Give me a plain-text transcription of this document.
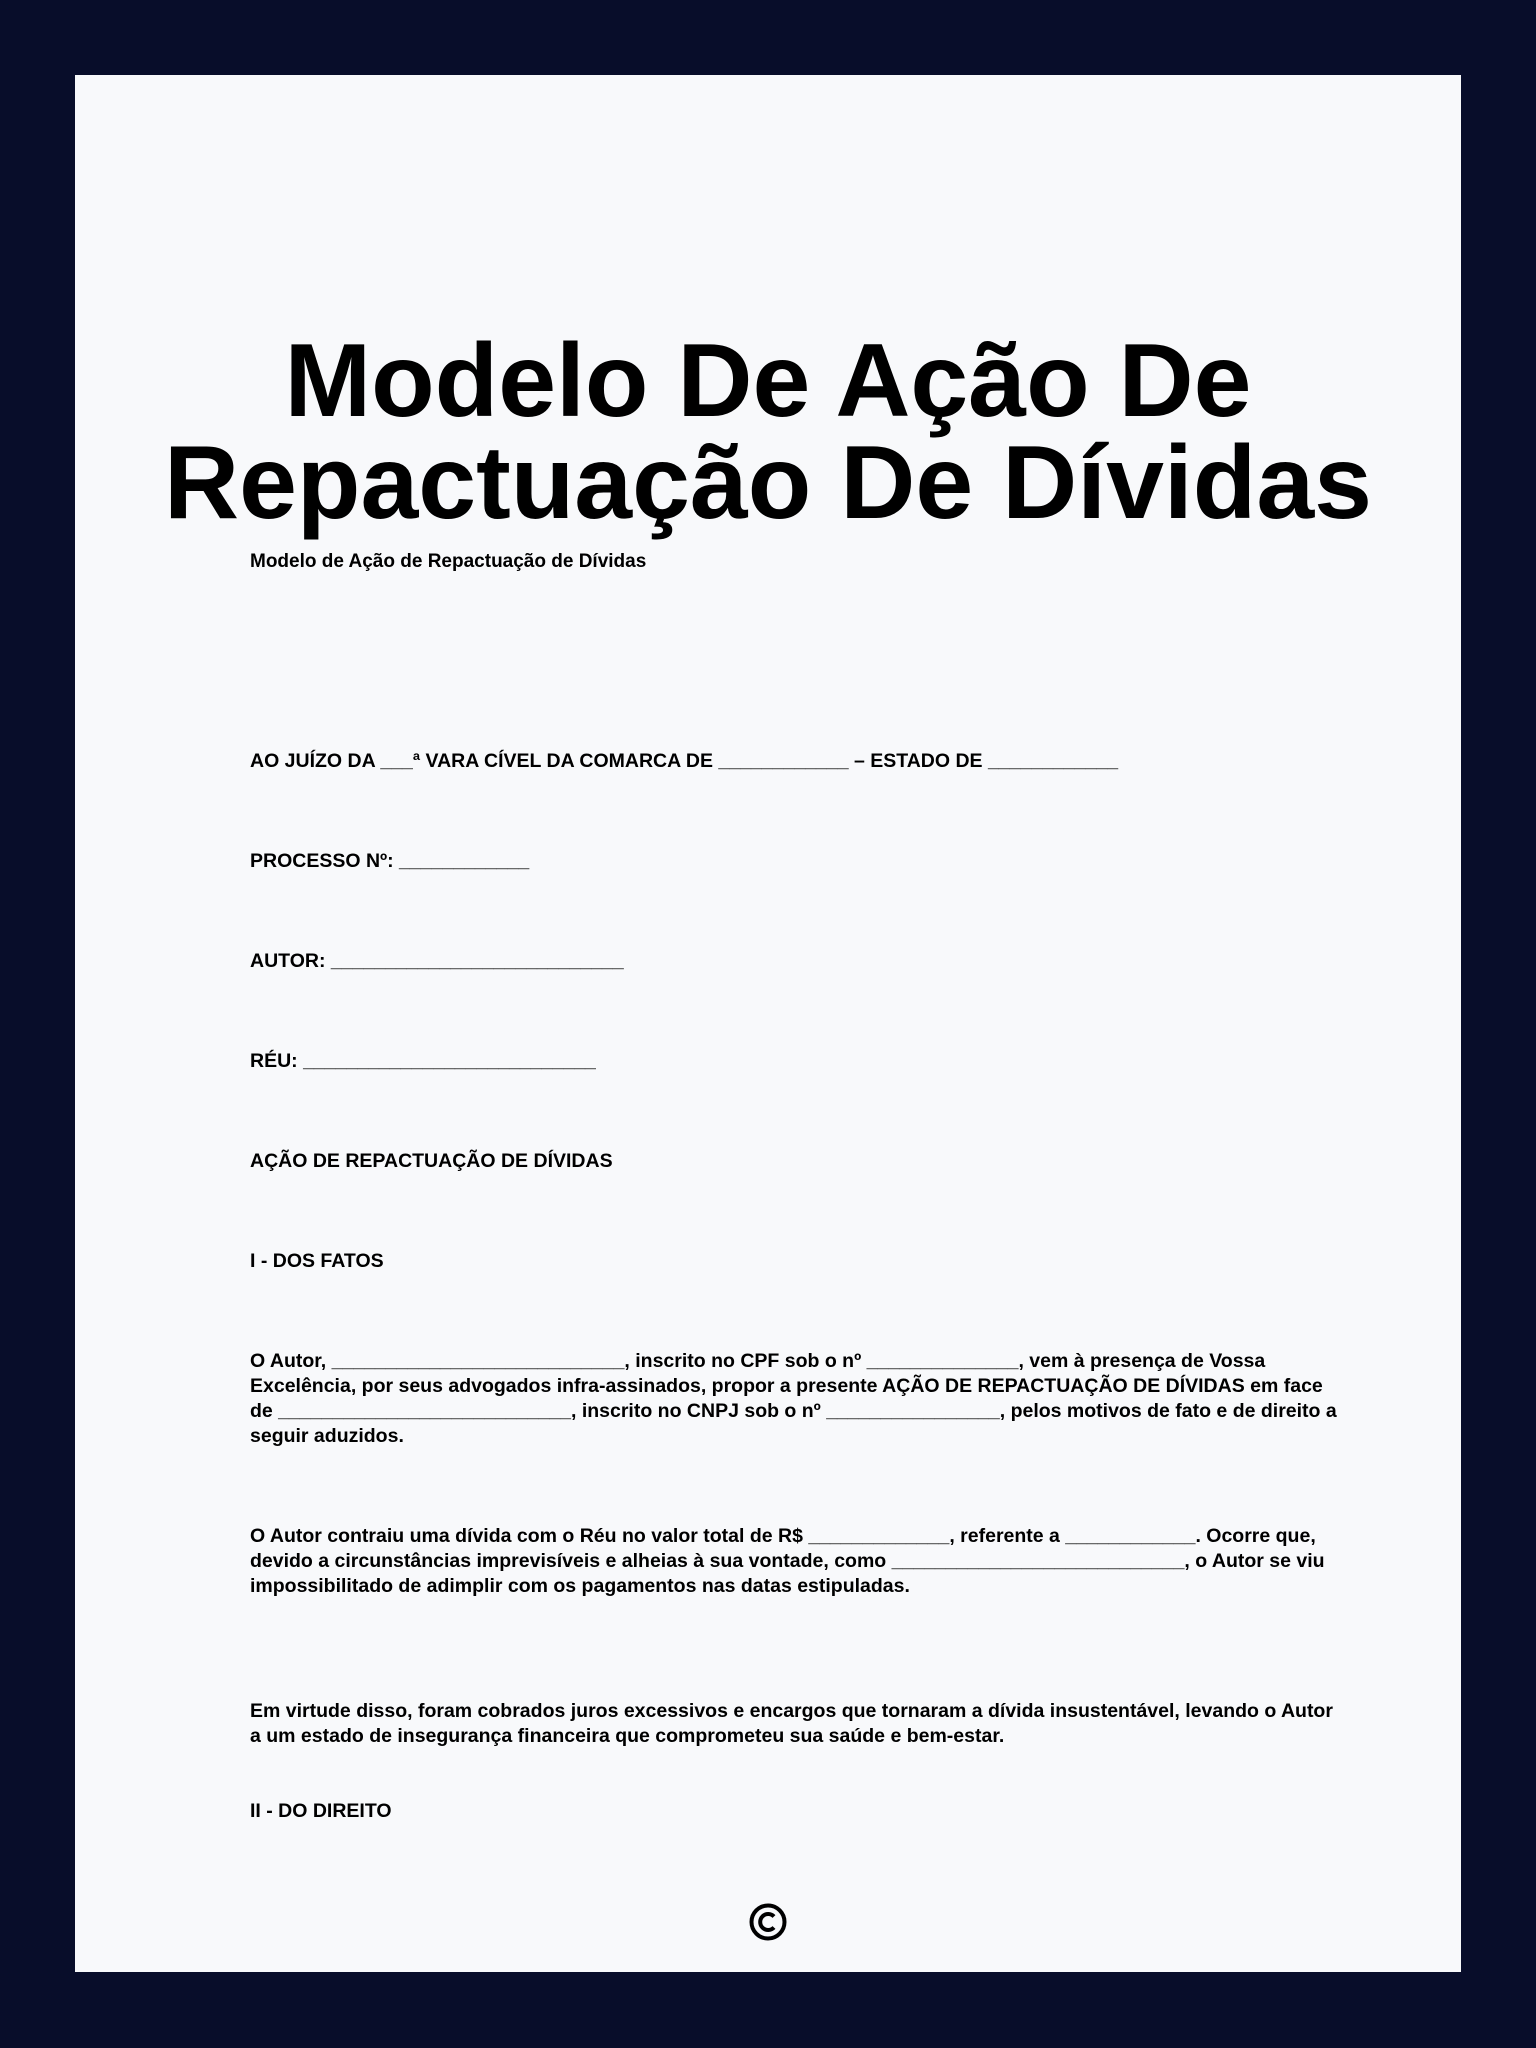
Modelo De Ação De
Repactuação De Dívidas

Modelo de Ação de Repactuação de Dívidas

AO JUÍZO DA ___ª VARA CÍVEL DA COMARCA DE ____________ – ESTADO DE ____________

PROCESSO Nº: ____________

AUTOR: ___________________________

RÉU: ___________________________

AÇÃO DE REPACTUAÇÃO DE DÍVIDAS

I - DOS FATOS

O Autor, ___________________________, inscrito no CPF sob o nº ______________, vem à presença de Vossa Excelência, por seus advogados infra-assinados, propor a presente AÇÃO DE REPACTUAÇÃO DE DÍVIDAS em face de ___________________________, inscrito no CNPJ sob o nº ________________, pelos motivos de fato e de direito a seguir aduzidos.

O Autor contraiu uma dívida com o Réu no valor total de R$ _____________, referente a ____________. Ocorre que, devido a circunstâncias imprevisíveis e alheias à sua vontade, como ___________________________, o Autor se viu impossibilitado de adimplir com os pagamentos nas datas estipuladas.

Em virtude disso, foram cobrados juros excessivos e encargos que tornaram a dívida insustentável, levando o Autor a um estado de insegurança financeira que comprometeu sua saúde e bem-estar.

II - DO DIREITO
